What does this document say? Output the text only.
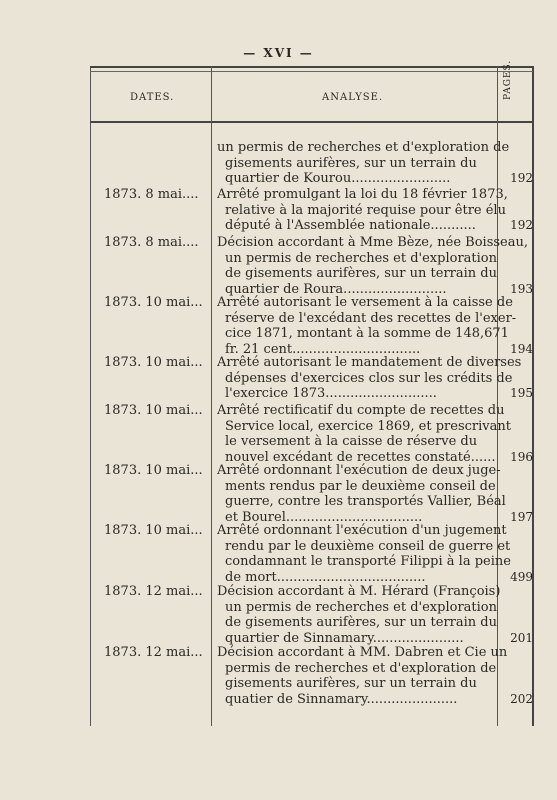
— XVI —
DATES.	ANALYSE.	PAGES.
un permis de recherches et d'exploration de
gisements aurifères, sur un terrain du
quartier de Kourou........................	192
1873. 8 mai.... Arrêté promulgant la loi du 18 février 1873,
relative à la majorité requise pour être élu
député à l'Assemblée nationale...........	192
1873. 8 mai.... Décision accordant à Mme Bèze, née Boisseau,
un permis de recherches et d'exploration
de gisements aurifères, sur un terrain du
quartier de Roura.........................	193
1873. 10 mai... Arrêté autorisant le versement à la caisse de
réserve de l'excédant des recettes de l'exer-
cice 1871, montant à la somme de 148,671
fr. 21 cent...............................	194
1873. 10 mai... Arrêté autorisant le mandatement de diverses
dépenses d'exercices clos sur les crédits de
l'exercice 1873...........................	195
1873. 10 mai... Arrêté rectificatif du compte de recettes du
Service local, exercice 1869, et prescrivant
le versement à la caisse de réserve du
nouvel excédant de recettes constaté......	196
1873. 10 mai... Arrêté ordonnant l'exécution de deux juge-
ments rendus par le deuxième conseil de
guerre, contre les transportés Vallier, Béal
et Bourel.................................	197
1873. 10 mai... Arrêté ordonnant l'exécution d'un jugement
rendu par le deuxième conseil de guerre et
condamnant le transporté Filippi à la peine
de mort....................................	499
1873. 12 mai... Décision accordant à M. Hérard (François)
un permis de recherches et d'exploration
de gisements aurifères, sur un terrain du
quartier de Sinnamary......................	201
1873. 12 mai... Décision accordant à MM. Dabren et Cie un
permis de recherches et d'exploration de
gisements aurifères, sur un terrain du
quatier de Sinnamary......................	202
